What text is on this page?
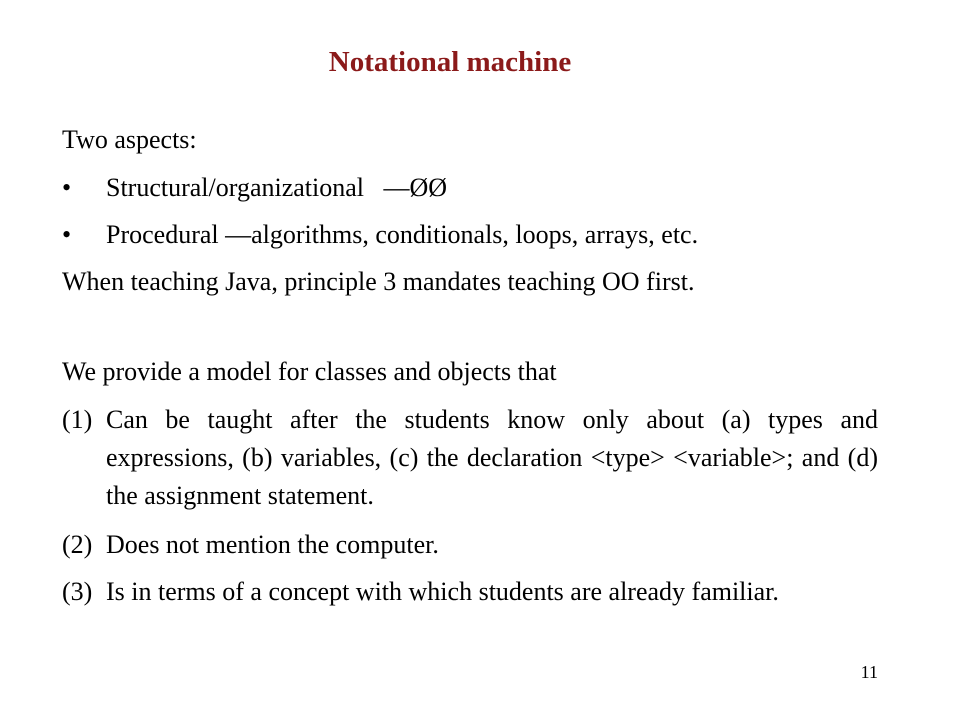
Notational machine
Two aspects:
• Structural/organizational   —ØØ
• Procedural —algorithms, conditionals, loops, arrays, etc.
When teaching Java, principle 3 mandates teaching OO first.
We provide a model for classes and objects that
(1) Can be taught after the students know only about (a) types and expressions, (b) variables, (c) the declaration <type> <variable>; and (d) the assignment statement.
(2) Does not mention the computer.
(3) Is in terms of a concept with which students are already familiar.
11
